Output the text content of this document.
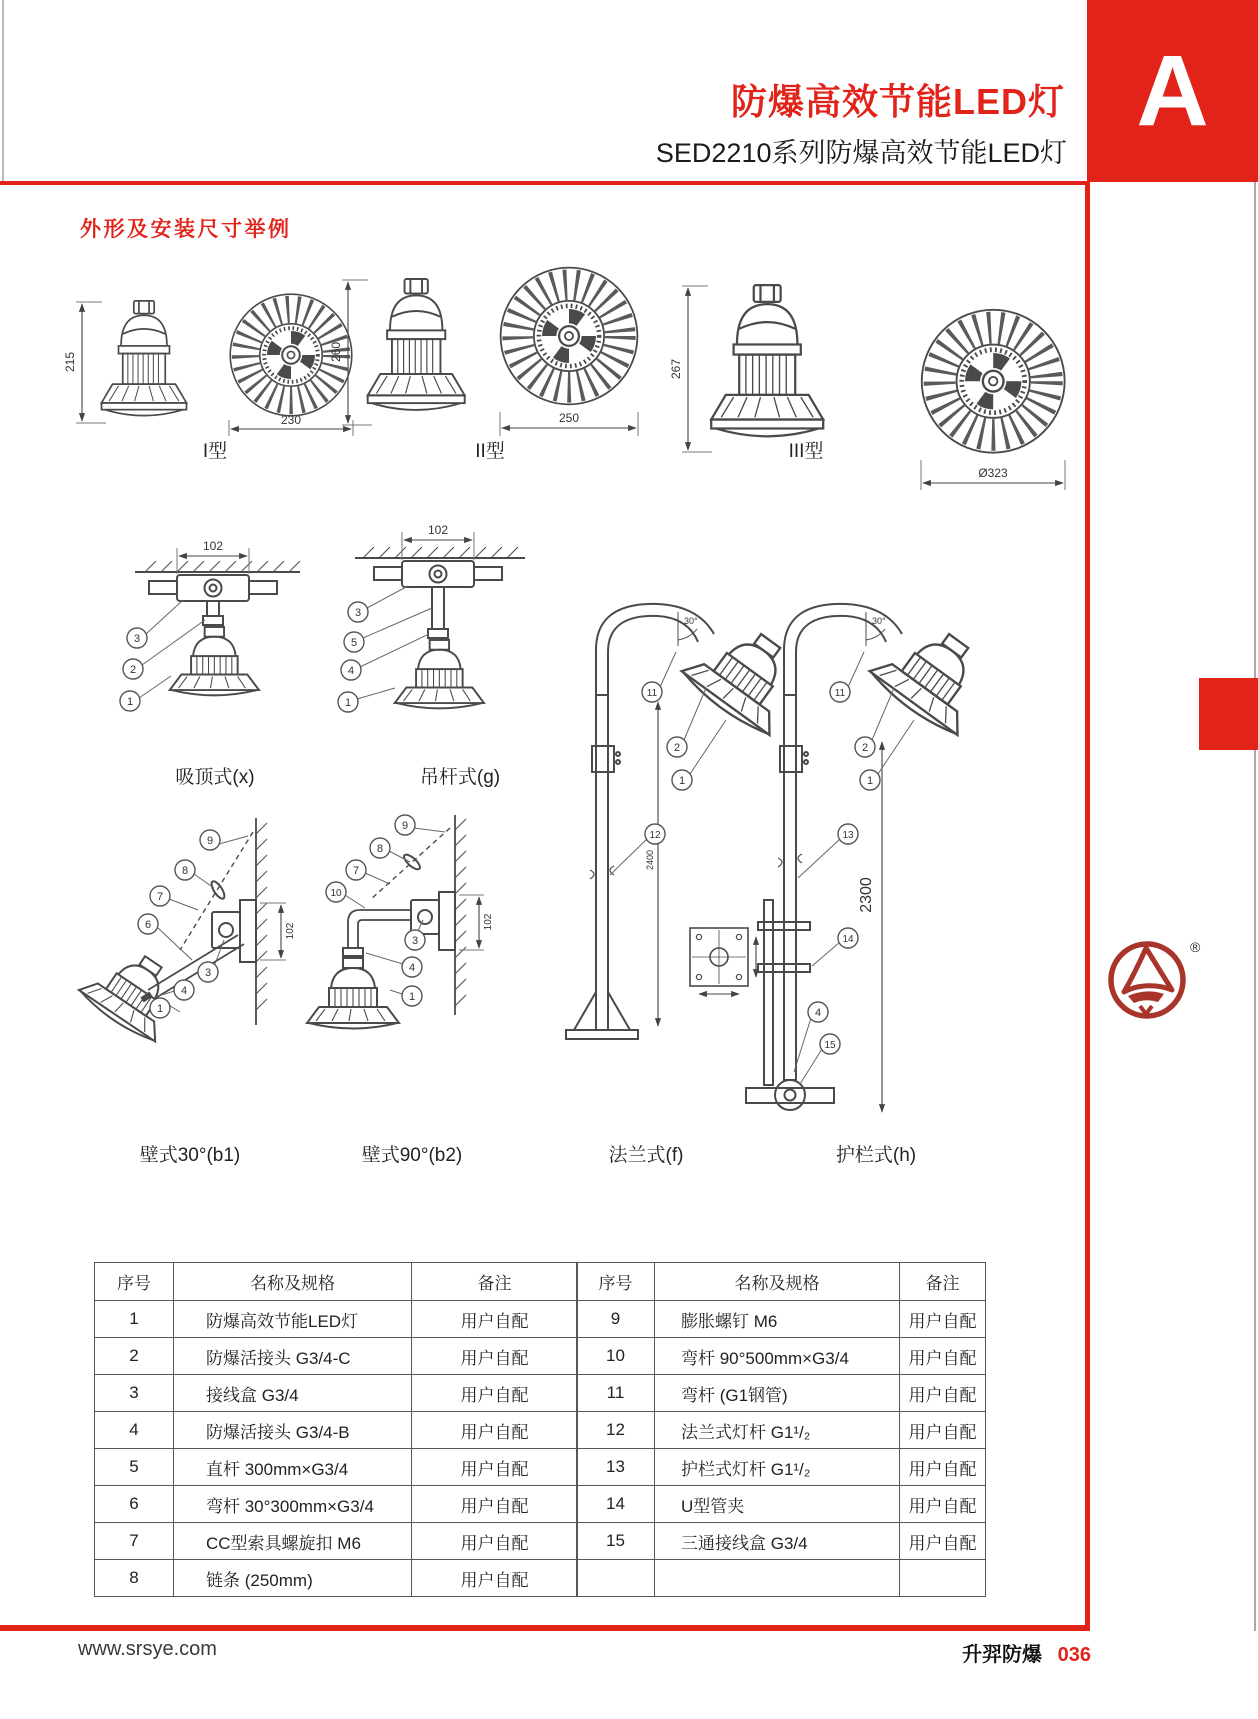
A
防爆高效节能LED灯
SED2210系列防爆高效节能LED灯
外形及安装尺寸举例
®
215
230
260
250
267
Ø323
I型	II型	III型
102
3
2
1
102
3
5
4
1
吸顶式(x)	吊杆式(g)
102
9
8
7
6
3
4
1
102
9
8
7
10
3
4
1
2400
30°
11
2
1
12
2300
30°
11
2
1
13
14
4
15
壁式30°(b1)	壁式90°(b2)	法兰式(f)	护栏式(h)
序号	名称及规格	备注
1	防爆高效节能LED灯	用户自配
2	防爆活接头 G3/4-C	用户自配
3	接线盒 G3/4	用户自配
4	防爆活接头 G3/4-B	用户自配
5	直杆 300mm×G3/4	用户自配
6	弯杆 30°300mm×G3/4	用户自配
7	CC型索具螺旋扣 M6	用户自配
8	链条 (250mm)	用户自配
序号	名称及规格	备注
9	膨胀螺钉 M6	用户自配
10	弯杆 90°500mm×G3/4	用户自配
11	弯杆 (G1钢管)	用户自配
12	法兰式灯杆 G1¹/₂	用户自配
13	护栏式灯杆 G1¹/₂	用户自配
14	U型管夹	用户自配
15	三通接线盒 G3/4	用户自配

www.srsye.com	升羿防爆 036
